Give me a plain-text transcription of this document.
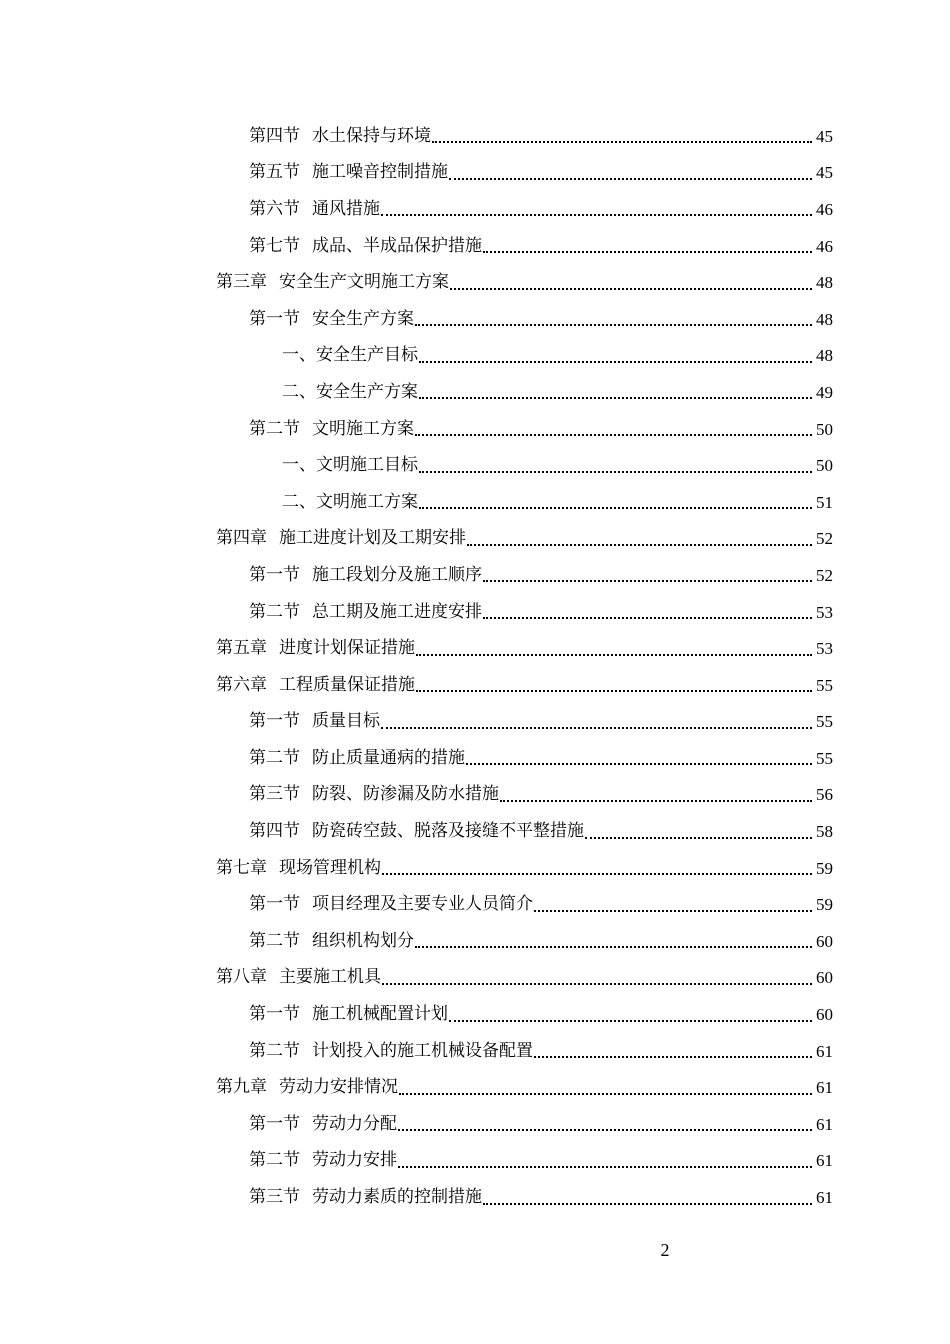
第四节 水土保持与环境	45
第五节 施工噪音控制措施	45
第六节 通风措施	46
第七节 成品、半成品保护措施	46
第三章 安全生产文明施工方案	48
第一节 安全生产方案	48
一、安全生产目标	48
二、安全生产方案	49
第二节 文明施工方案	50
一、文明施工目标	50
二、文明施工方案	51
第四章 施工进度计划及工期安排	52
第一节 施工段划分及施工顺序	52
第二节 总工期及施工进度安排	53
第五章 进度计划保证措施	53
第六章 工程质量保证措施	55
第一节 质量目标	55
第二节 防止质量通病的措施	55
第三节 防裂、防渗漏及防水措施	56
第四节 防瓷砖空鼓、脱落及接缝不平整措施	58
第七章 现场管理机构	59
第一节 项目经理及主要专业人员简介	59
第二节 组织机构划分	60
第八章 主要施工机具	60
第一节 施工机械配置计划	60
第二节 计划投入的施工机械设备配置	61
第九章 劳动力安排情况	61
第一节 劳动力分配	61
第二节 劳动力安排	61
第三节 劳动力素质的控制措施	61
2
